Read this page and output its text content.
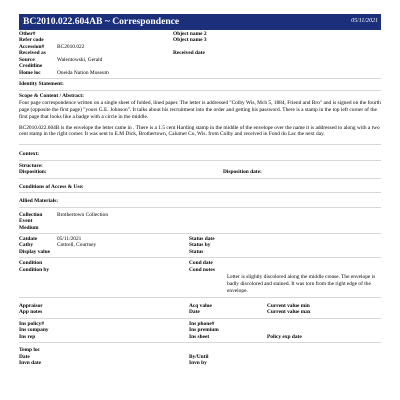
BC2010.022.604AB ~ Correspondence	05/11/2021
Other#	Object name 2
Refer code	Object name 3
Accession#	BC2010.022
Received as	Received date
Source	Walentowski, Gerald
Creditline
Home loc	Oneida Nation Museum
Identity Statement:
Scope & Content / Abstract:

Four page correspondence written on a single sheet of folded, lined paper. The letter is addressed "Colby Wis, Mch 5, 1884, Friend and Bro" and is signed on the fourth page (opposite the first page) "yours G.E. Johnson". It talks about his recruitment into the order and getting his password. There is a stamp in the top left corner of the first page that looks like a badge with a circle in the middle.

BC2010.022.604B is the envelope the letter came in . There is a 1.5 cent Harding stamp in the middle of the envelope over the name it is addressed to along with a two cent stamp in the right corner. It was sent to E.M Dick, Brothertown, Calumet Co, Wis. from Colby and received in Fond du Lac the next day.

Context:
Structure:
Disposition:	Disposition date:
Conditions of Access & Use:
Allied Materials:
Collection	Brothertown Collection
Event
Medium
Catdate	05/11/2021	Status date
Catby	Cottrell, Courtney	Status by
Display value	Status
Condition	Cond date
Condition by	Cond notes
Letter is slightly discolored along the middle crease. The envelope is badly discolored and stained. It was torn from the right edge of the envelope.
Appraisor	Acq value	Current value min
App notes	Date	Current value max
Ins policy#	Ins phone#
Ins company	Ins premium
Ins rep	Ins sheet	Policy exp date
Temp loc
Date	By/Until
Invn date	Invn by
